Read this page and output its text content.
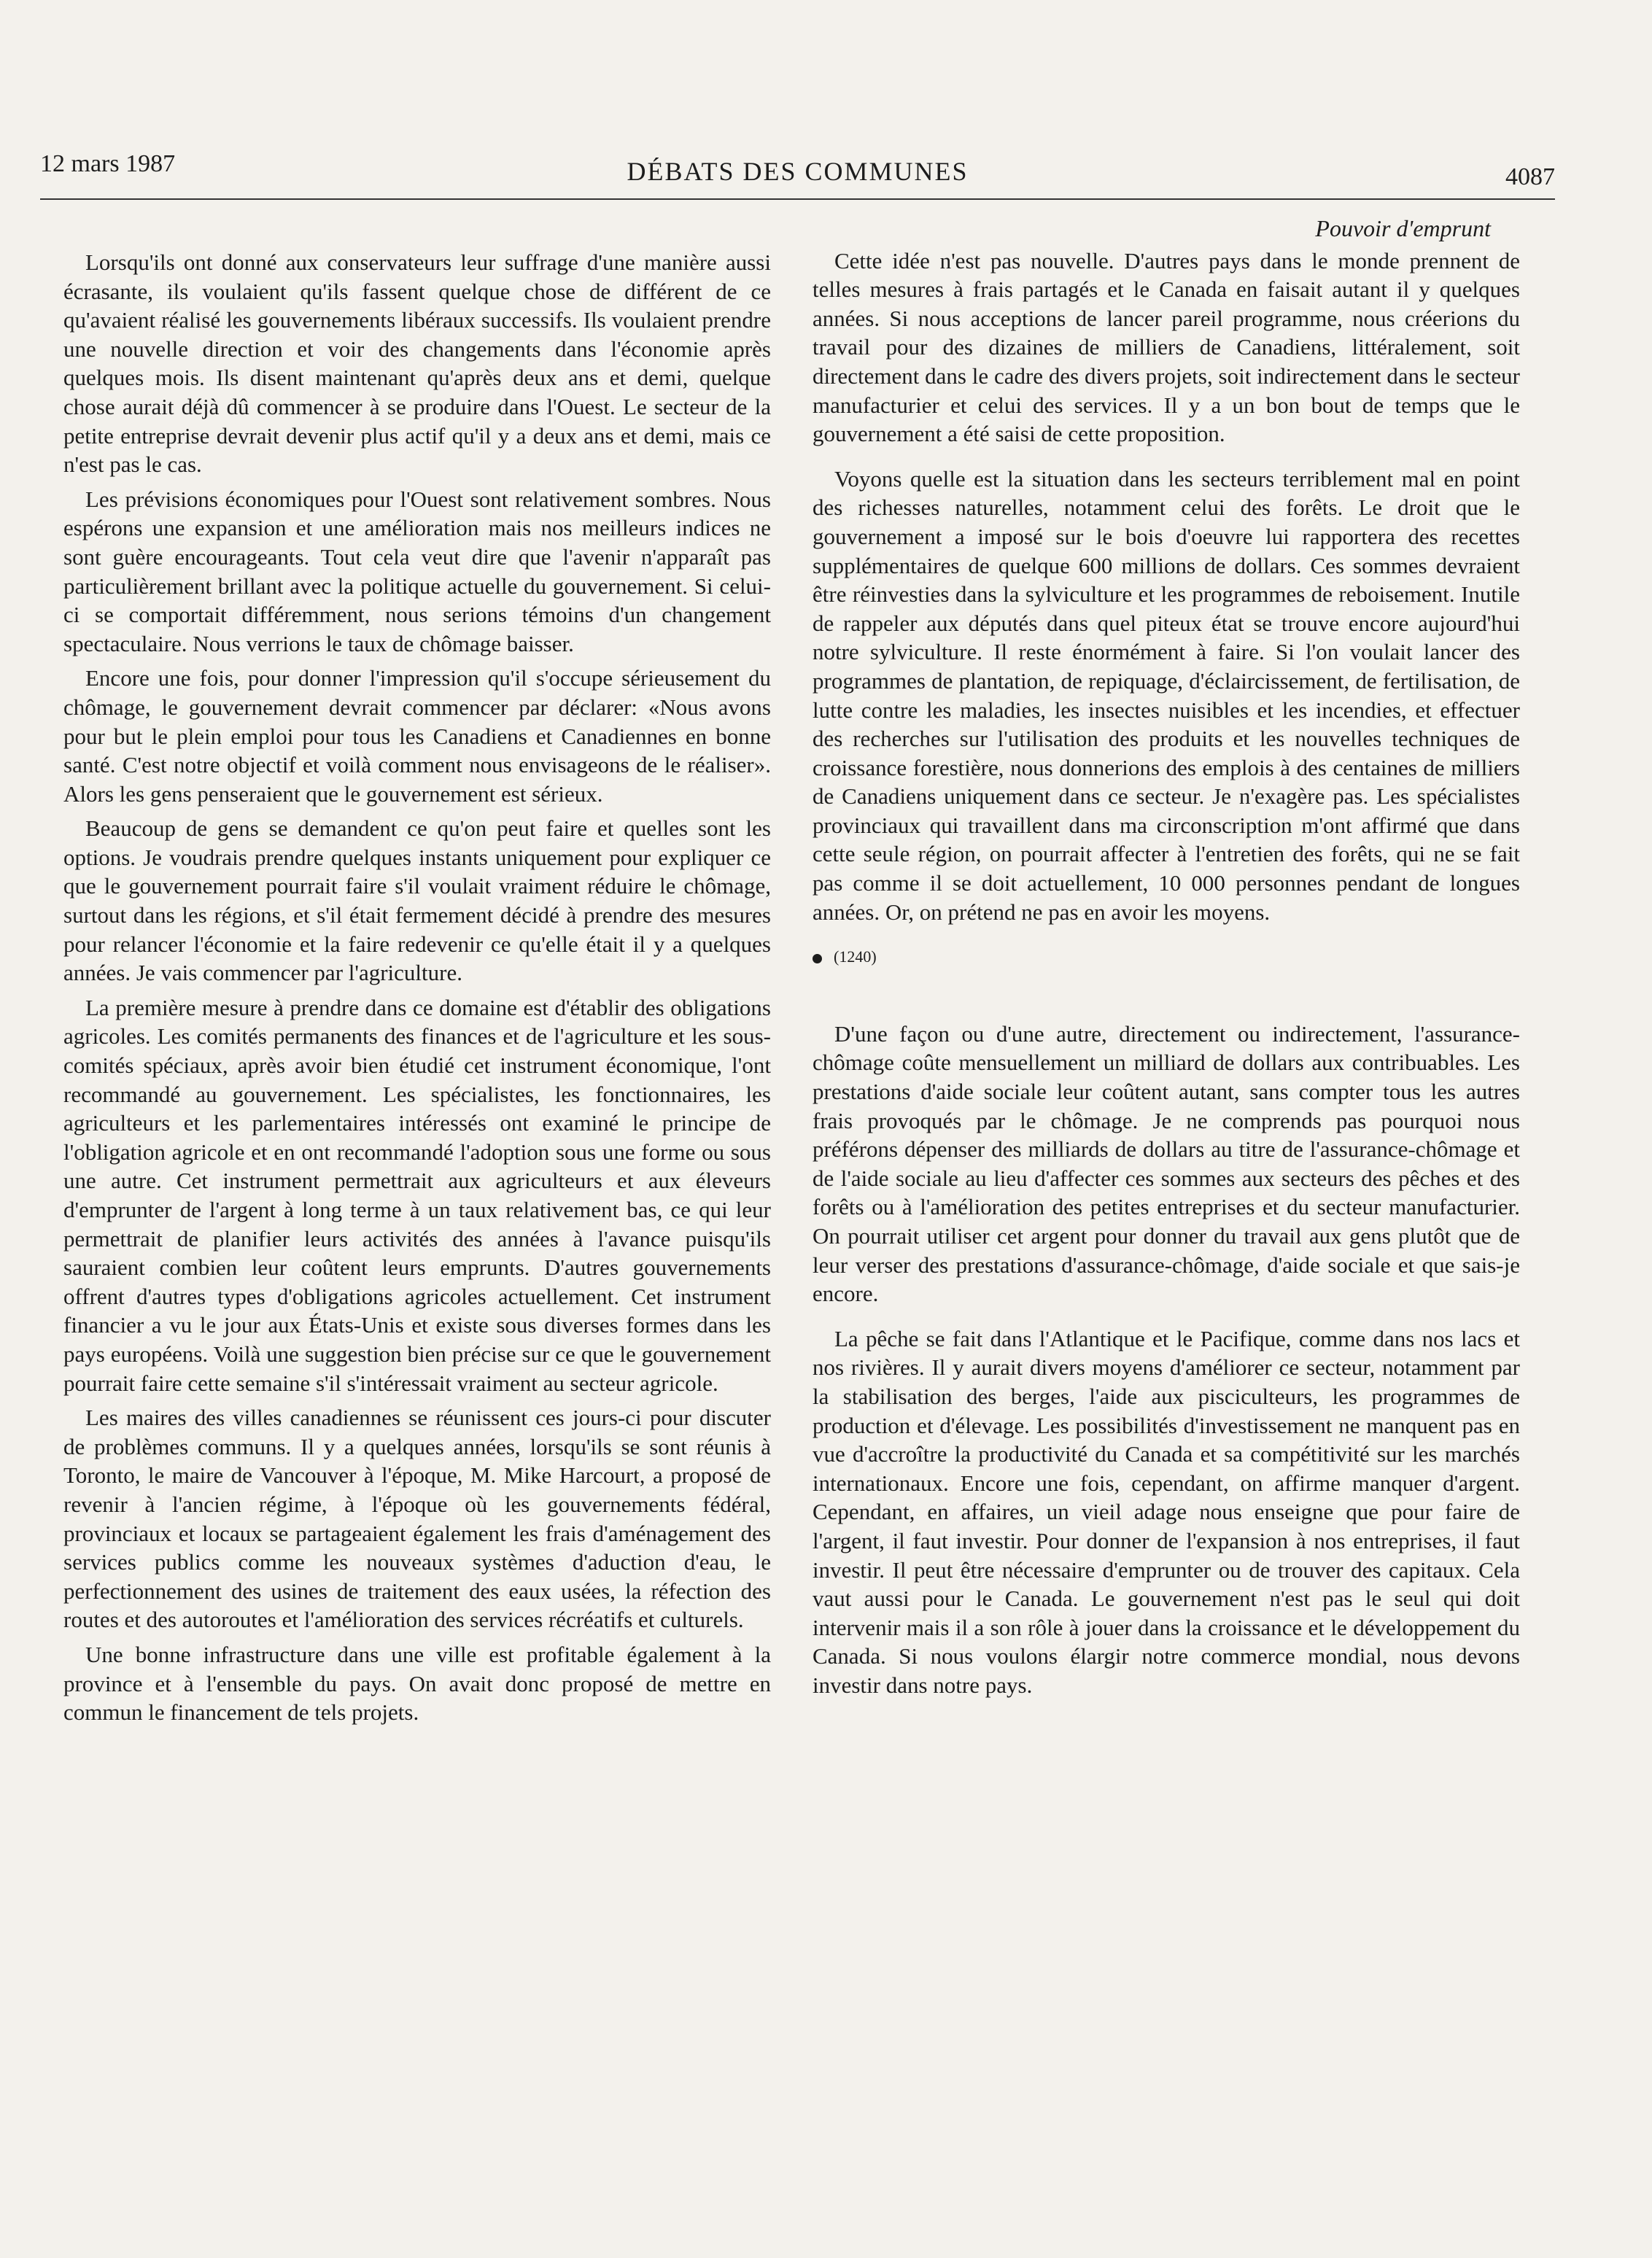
12 mars 1987	DÉBATS DES COMMUNES	4087

Lorsqu'ils ont donné aux conservateurs leur suffrage d'une manière aussi écrasante, ils voulaient qu'ils fassent quelque chose de différent de ce qu'avaient réalisé les gouvernements libéraux successifs. Ils voulaient prendre une nouvelle direction et voir des changements dans l'économie après quelques mois. Ils disent maintenant qu'après deux ans et demi, quelque chose aurait déjà dû commencer à se produire dans l'Ouest. Le secteur de la petite entreprise devrait devenir plus actif qu'il y a deux ans et demi, mais ce n'est pas le cas.

Les prévisions économiques pour l'Ouest sont relativement sombres. Nous espérons une expansion et une amélioration mais nos meilleurs indices ne sont guère encourageants. Tout cela veut dire que l'avenir n'apparaît pas particulièrement brillant avec la politique actuelle du gouvernement. Si celui-ci se comportait différemment, nous serions témoins d'un changement spectaculaire. Nous verrions le taux de chômage baisser.

Encore une fois, pour donner l'impression qu'il s'occupe sérieusement du chômage, le gouvernement devrait commencer par déclarer: «Nous avons pour but le plein emploi pour tous les Canadiens et Canadiennes en bonne santé. C'est notre objectif et voilà comment nous envisageons de le réaliser». Alors les gens penseraient que le gouvernement est sérieux.

Beaucoup de gens se demandent ce qu'on peut faire et quelles sont les options. Je voudrais prendre quelques instants uniquement pour expliquer ce que le gouvernement pourrait faire s'il voulait vraiment réduire le chômage, surtout dans les régions, et s'il était fermement décidé à prendre des mesures pour relancer l'économie et la faire redevenir ce qu'elle était il y a quelques années. Je vais commencer par l'agriculture.

La première mesure à prendre dans ce domaine est d'établir des obligations agricoles. Les comités permanents des finances et de l'agriculture et les sous-comités spéciaux, après avoir bien étudié cet instrument économique, l'ont recommandé au gouvernement. Les spécialistes, les fonctionnaires, les agriculteurs et les parlementaires intéressés ont examiné le principe de l'obligation agricole et en ont recommandé l'adoption sous une forme ou sous une autre. Cet instrument permettrait aux agriculteurs et aux éleveurs d'emprunter de l'argent à long terme à un taux relativement bas, ce qui leur permettrait de planifier leurs activités des années à l'avance puisqu'ils sauraient combien leur coûtent leurs emprunts. D'autres gouvernements offrent d'autres types d'obligations agricoles actuellement. Cet instrument financier a vu le jour aux États-Unis et existe sous diverses formes dans les pays européens. Voilà une suggestion bien précise sur ce que le gouvernement pourrait faire cette semaine s'il s'intéressait vraiment au secteur agricole.

Les maires des villes canadiennes se réunissent ces jours-ci pour discuter de problèmes communs. Il y a quelques années, lorsqu'ils se sont réunis à Toronto, le maire de Vancouver à l'époque, M. Mike Harcourt, a proposé de revenir à l'ancien régime, à l'époque où les gouvernements fédéral, provinciaux et locaux se partageaient également les frais d'aménagement des services publics comme les nouveaux systèmes d'aduction d'eau, le perfectionnement des usines de traitement des eaux usées, la réfection des routes et des autoroutes et l'amélioration des services récréatifs et culturels.

Une bonne infrastructure dans une ville est profitable également à la province et à l'ensemble du pays. On avait donc proposé de mettre en commun le financement de tels projets.

Pouvoir d'emprunt

Cette idée n'est pas nouvelle. D'autres pays dans le monde prennent de telles mesures à frais partagés et le Canada en faisait autant il y quelques années. Si nous acceptions de lancer pareil programme, nous créerions du travail pour des dizaines de milliers de Canadiens, littéralement, soit directement dans le cadre des divers projets, soit indirectement dans le secteur manufacturier et celui des services. Il y a un bon bout de temps que le gouvernement a été saisi de cette proposition.

Voyons quelle est la situation dans les secteurs terriblement mal en point des richesses naturelles, notamment celui des forêts. Le droit que le gouvernement a imposé sur le bois d'oeuvre lui rapportera des recettes supplémentaires de quelque 600 millions de dollars. Ces sommes devraient être réinvesties dans la sylviculture et les programmes de reboisement. Inutile de rappeler aux députés dans quel piteux état se trouve encore aujourd'hui notre sylviculture. Il reste énormément à faire. Si l'on voulait lancer des programmes de plantation, de repiquage, d'éclaircissement, de fertilisation, de lutte contre les maladies, les insectes nuisibles et les incendies, et effectuer des recherches sur l'utilisation des produits et les nouvelles techniques de croissance forestière, nous donnerions des emplois à des centaines de milliers de Canadiens uniquement dans ce secteur. Je n'exagère pas. Les spécialistes provinciaux qui travaillent dans ma circonscription m'ont affirmé que dans cette seule région, on pourrait affecter à l'entretien des forêts, qui ne se fait pas comme il se doit actuellement, 10 000 personnes pendant de longues années. Or, on prétend ne pas en avoir les moyens.

(1240)

D'une façon ou d'une autre, directement ou indirectement, l'assurance-chômage coûte mensuellement un milliard de dollars aux contribuables. Les prestations d'aide sociale leur coûtent autant, sans compter tous les autres frais provoqués par le chômage. Je ne comprends pas pourquoi nous préférons dépenser des milliards de dollars au titre de l'assurance-chômage et de l'aide sociale au lieu d'affecter ces sommes aux secteurs des pêches et des forêts ou à l'amélioration des petites entreprises et du secteur manufacturier. On pourrait utiliser cet argent pour donner du travail aux gens plutôt que de leur verser des prestations d'assurance-chômage, d'aide sociale et que sais-je encore.

La pêche se fait dans l'Atlantique et le Pacifique, comme dans nos lacs et nos rivières. Il y aurait divers moyens d'améliorer ce secteur, notamment par la stabilisation des berges, l'aide aux pisciculteurs, les programmes de production et d'élevage. Les possibilités d'investissement ne manquent pas en vue d'accroître la productivité du Canada et sa compétitivité sur les marchés internationaux. Encore une fois, cependant, on affirme manquer d'argent. Cependant, en affaires, un vieil adage nous enseigne que pour faire de l'argent, il faut investir. Pour donner de l'expansion à nos entreprises, il faut investir. Il peut être nécessaire d'emprunter ou de trouver des capitaux. Cela vaut aussi pour le Canada. Le gouvernement n'est pas le seul qui doit intervenir mais il a son rôle à jouer dans la croissance et le développement du Canada. Si nous voulons élargir notre commerce mondial, nous devons investir dans notre pays.
